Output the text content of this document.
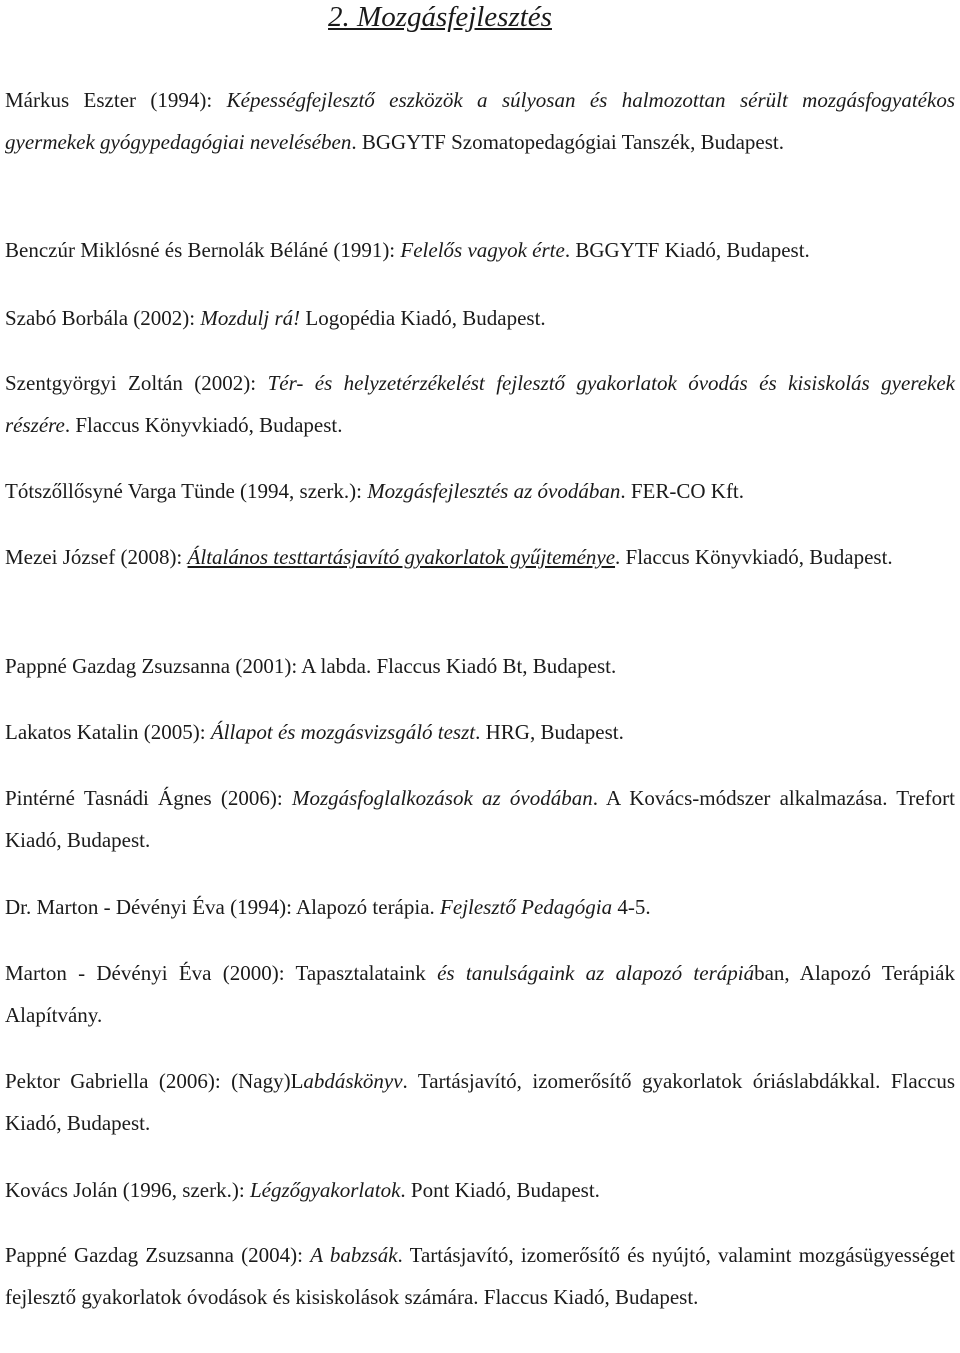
2. Mozgásfejlesztés

Márkus Eszter (1994): Képességfejlesztő eszközök a súlyosan és halmozottan sérült mozgásfogyatékos gyermekek gyógypedagógiai nevelésében. BGGYTF Szomatopedagógiai Tanszék, Budapest.

Benczúr Miklósné és Bernolák Béláné (1991): Felelős vagyok érte. BGGYTF Kiadó, Budapest.

Szabó Borbála (2002): Mozdulj rá! Logopédia Kiadó, Budapest.

Szentgyörgyi Zoltán (2002): Tér- és helyzetérzékelést fejlesztő gyakorlatok óvodás és kisiskolás gyerekek részére. Flaccus Könyvkiadó, Budapest.

Tótszőllősyné Varga Tünde (1994, szerk.): Mozgásfejlesztés az óvodában. FER-CO Kft.

Mezei József (2008): Általános testtartásjavító gyakorlatok gyűjteménye. Flaccus Könyvkiadó, Budapest.

Pappné Gazdag Zsuzsanna (2001): A labda. Flaccus Kiadó Bt, Budapest.

Lakatos Katalin (2005): Állapot és mozgásvizsgáló teszt. HRG, Budapest.

Pintérné Tasnádi Ágnes (2006): Mozgásfoglalkozások az óvodában. A Kovács-módszer alkalmazása. Trefort Kiadó, Budapest.

Dr. Marton - Dévényi Éva (1994): Alapozó terápia. Fejlesztő Pedagógia 4-5.

Marton - Dévényi Éva (2000): Tapasztalataink és tanulságaink az alapozó terápiában, Alapozó Terápiák Alapítvány.

Pektor Gabriella (2006): (Nagy)Labdáskönyv. Tartásjavító, izomerősítő gyakorlatok óriáslabdákkal. Flaccus Kiadó, Budapest.

Kovács Jolán (1996, szerk.): Légzőgyakorlatok. Pont Kiadó, Budapest.

Pappné Gazdag Zsuzsanna (2004): A babzsák. Tartásjavító, izomerősítő és nyújtó, valamint mozgásügyességet fejlesztő gyakorlatok óvodások és kisiskolások számára. Flaccus Kiadó, Budapest.
